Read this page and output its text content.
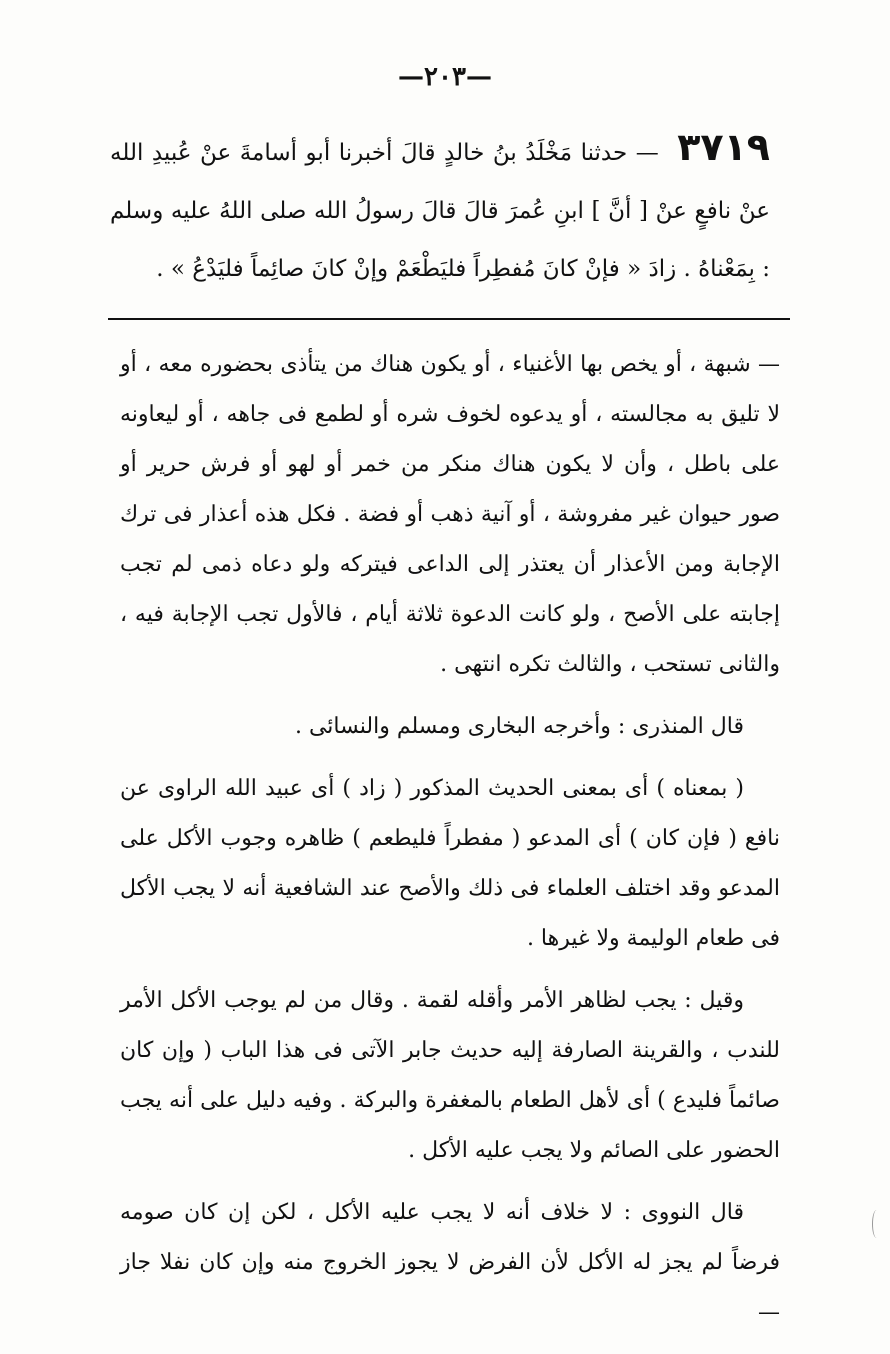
—٢٠٣—
٣٧١٩ — حدثنا مَخْلَدُ بنُ خالدٍ قالَ أخبرنا أبو أسامةَ عنْ عُبيدِ الله عنْ نافعٍ عنْ [ أنَّ ] ابنِ عُمرَ قالَ قالَ رسولُ الله صلى اللهُ عليه وسلم : بِمَعْناهُ . زادَ « فإنْ كانَ مُفطِراً فليَطْعَمْ وإنْ كانَ صائِماً فليَدْعُ » .

— شبهة ، أو يخص بها الأغنياء ، أو يكون هناك من يتأذى بحضوره معه ، أو لا تليق به مجالسته ، أو يدعوه لخوف شره أو لطمع فى جاهه ، أو ليعاونه على باطل ، وأن لا يكون هناك منكر من خمر أو لهو أو فرش حرير أو صور حيوان غير مفروشة ، أو آنية ذهب أو فضة . فكل هذه أعذار فى ترك الإجابة ومن الأعذار أن يعتذر إلى الداعى فيتركه ولو دعاه ذمى لم تجب إجابته على الأصح ، ولو كانت الدعوة ثلاثة أيام ، فالأول تجب الإجابة فيه ، والثانى تستحب ، والثالث تكره انتهى .

قال المنذرى : وأخرجه البخارى ومسلم والنسائى .

( بمعناه ) أى بمعنى الحديث المذكور ( زاد ) أى عبيد الله الراوى عن نافع ( فإن كان ) أى المدعو ( مفطراً فليطعم ) ظاهره وجوب الأكل على المدعو وقد اختلف العلماء فى ذلك والأصح عند الشافعية أنه لا يجب الأكل فى طعام الوليمة ولا غيرها .

وقيل : يجب لظاهر الأمر وأقله لقمة . وقال من لم يوجب الأكل الأمر للندب ، والقرينة الصارفة إليه حديث جابر الآتى فى هذا الباب ( وإن كان صائماً فليدع ) أى لأهل الطعام بالمغفرة والبركة . وفيه دليل على أنه يجب الحضور على الصائم ولا يجب عليه الأكل .

قال النووى : لا خلاف أنه لا يجب عليه الأكل ، لكن إن كان صومه فرضاً لم يجز له الأكل لأن الفرض لا يجوز الخروج منه وإن كان نفلا جاز —
